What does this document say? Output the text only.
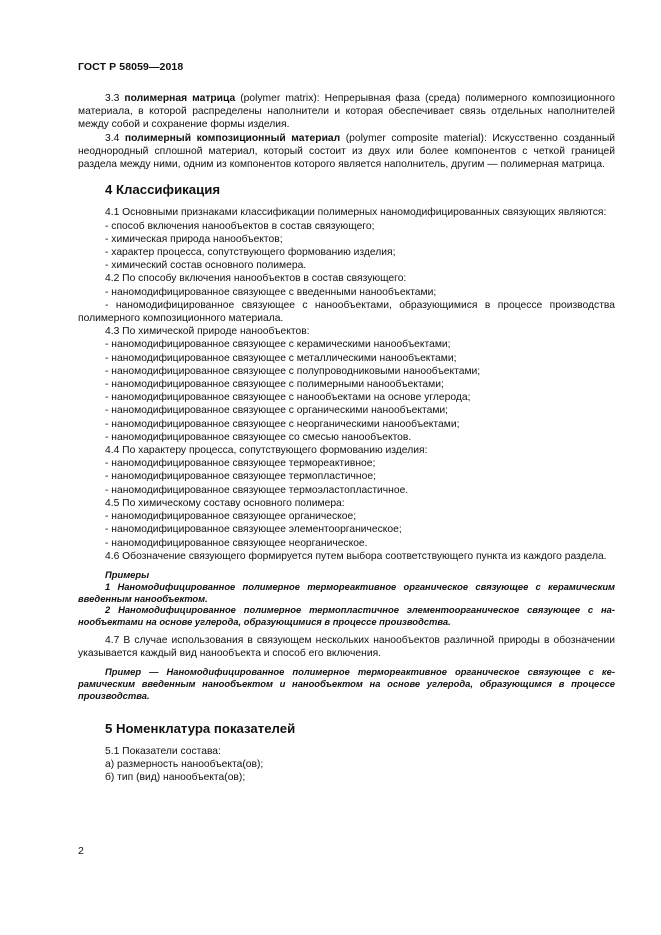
ГОСТ Р 58059—2018

3.3 полимерная матрица (polymer matrix): Непрерывная фаза (среда) полимерного композиционного материала, в которой распределены наполнители и которая обеспечивает связь отдельных наполнителей между собой и сохранение формы изделия.

3.4 полимерный композиционный материал (polymer composite material): Искусственно созданный неоднородный сплошной материал, который состоит из двух или более компонентов с четкой границей раздела между ними, одним из компонентов которого является наполнитель, другим — полимерная матрица.

4 Классификация

4.1 Основными признаками классификации полимерных наномодифицированных связующих являются:

- способ включения нанообъектов в состав связующего;

- химическая природа нанообъектов;

- характер процесса, сопутствующего формованию изделия;

- химический состав основного полимера.

4.2 По способу включения нанообъектов в состав связующего:

- наномодифицированное связующее с введенными нанообъектами;

- наномодифицированное связующее с нанообъектами, образующимися в процессе производства полимерного композиционного материала.

4.3 По химической природе нанообъектов:

- наномодифицированное связующее с керамическими нанообъектами;

- наномодифицированное связующее с металлическими нанообъектами;

- наномодифицированное связующее с полупроводниковыми нанообъектами;

- наномодифицированное связующее с полимерными нанообъектами;

- наномодифицированное связующее с нанообъектами на основе углерода;

- наномодифицированное связующее с органическими нанообъектами;

- наномодифицированное связующее с неорганическими нанообъектами;

- наномодифицированное связующее со смесью нанообъектов.

4.4 По характеру процесса, сопутствующего формованию изделия:

- наномодифицированное связующее термореактивное;

- наномодифицированное связующее термопластичное;

- наномодифицированное связующее термоэластопластичное.

4.5 По химическому составу основного полимера:

- наномодифицированное связующее органическое;

- наномодифицированное связующее элементоорганическое;

- наномодифицированное связующее неорганическое.

4.6 Обозначение связующего формируется путем выбора соответствующего пункта из каждого раздела.

Примеры

1 Наномодифицированное полимерное термореактивное органическое связующее с керамическим введенным нанообъектом.

2 Наномодифицированное полимерное термопластичное элементоорганическое связующее с нанообъектами на основе углерода, образующимися в процессе производства.

4.7 В случае использования в связующем нескольких нанообъектов различной природы в обозначении указывается каждый вид нанообъекта и способ его включения.

Пример — Наномодифицированное полимерное термореактивное органическое связующее с керамическим введенным нанообъектом и нанообъектом на основе углерода, образующимся в процессе производства.

5 Номенклатура показателей

5.1 Показатели состава:

а) размерность нанообъекта(ов);

б) тип (вид) нанообъекта(ов);

2
